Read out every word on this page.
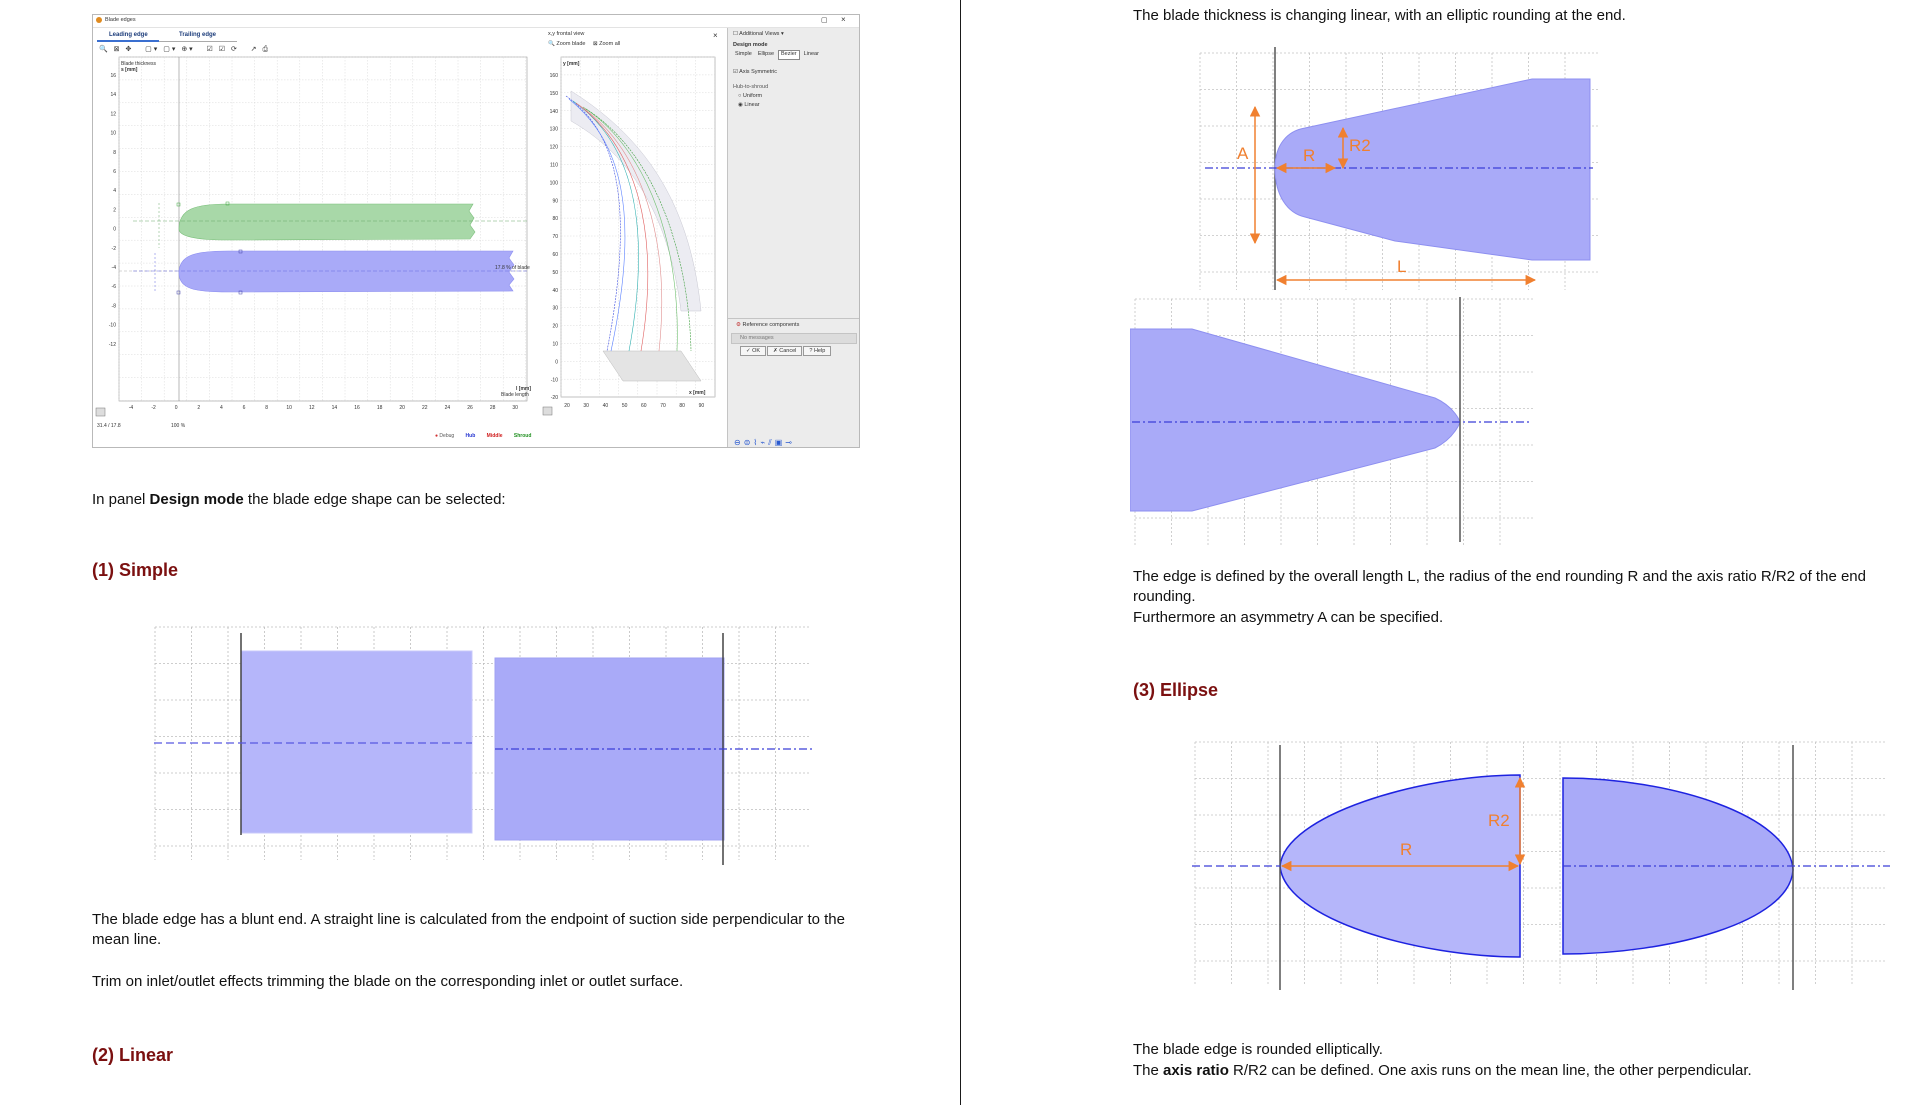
Blade edges	▢ ×
Leading edge	Trailing edge
🔍 ⊠ ✥   ▢▾ ▢▾ ⊕▾   ☑ ☑ ⟳   ↗ ⎙
16
14
12
10
8
6
4
2
0
-2
-4
-6
-8
-10
-12
-4	-2	0	2	4	6	8	10	12	14	16	18	20	22	24	26	28	30
17.8 % of blade
Blade thickness
s [mm]
l [mm]
Blade length
31.4 / 17.8	100 %
● Debug Hub Middle Shroud
x,y frontal view	×
🔍 Zoom blade ⊠ Zoom all
160
150
140
130
120
110
100
90
80
70
60
50
40
30
20
10
0
-10
-20
20	30	40	50	60	70	80	90
y [mm]
x [mm]
☐ Additional Views ▾
Design mode
Simple	Ellipse	Bezier	Linear
☑ Axis Symmetric
Hub-to-shroud
○ Uniform
◉ Linear
⚙ Reference components
No messages
✓ OK	✗ Cancel	? Help
⊖⊜⌇⌁⫽▣⊸
In panel Design mode the blade edge shape can be selected:
(1) Simple
The blade edge has a blunt end. A straight line is calculated from the endpoint of suction side perpendicular to the mean line.
Trim on inlet/outlet effects trimming the blade on the corresponding inlet or outlet surface.
(2) Linear
The blade thickness is changing linear, with an elliptic rounding at the end.
A	R
R2
L
The edge is defined by the overall length L, the radius of the end rounding R and the axis ratio R/R2 of the end rounding.
Furthermore an asymmetry A can be specified.
(3) Ellipse
R
R2
The blade edge is rounded elliptically.
The axis ratio R/R2 can be defined. One axis runs on the mean line, the other perpendicular.
